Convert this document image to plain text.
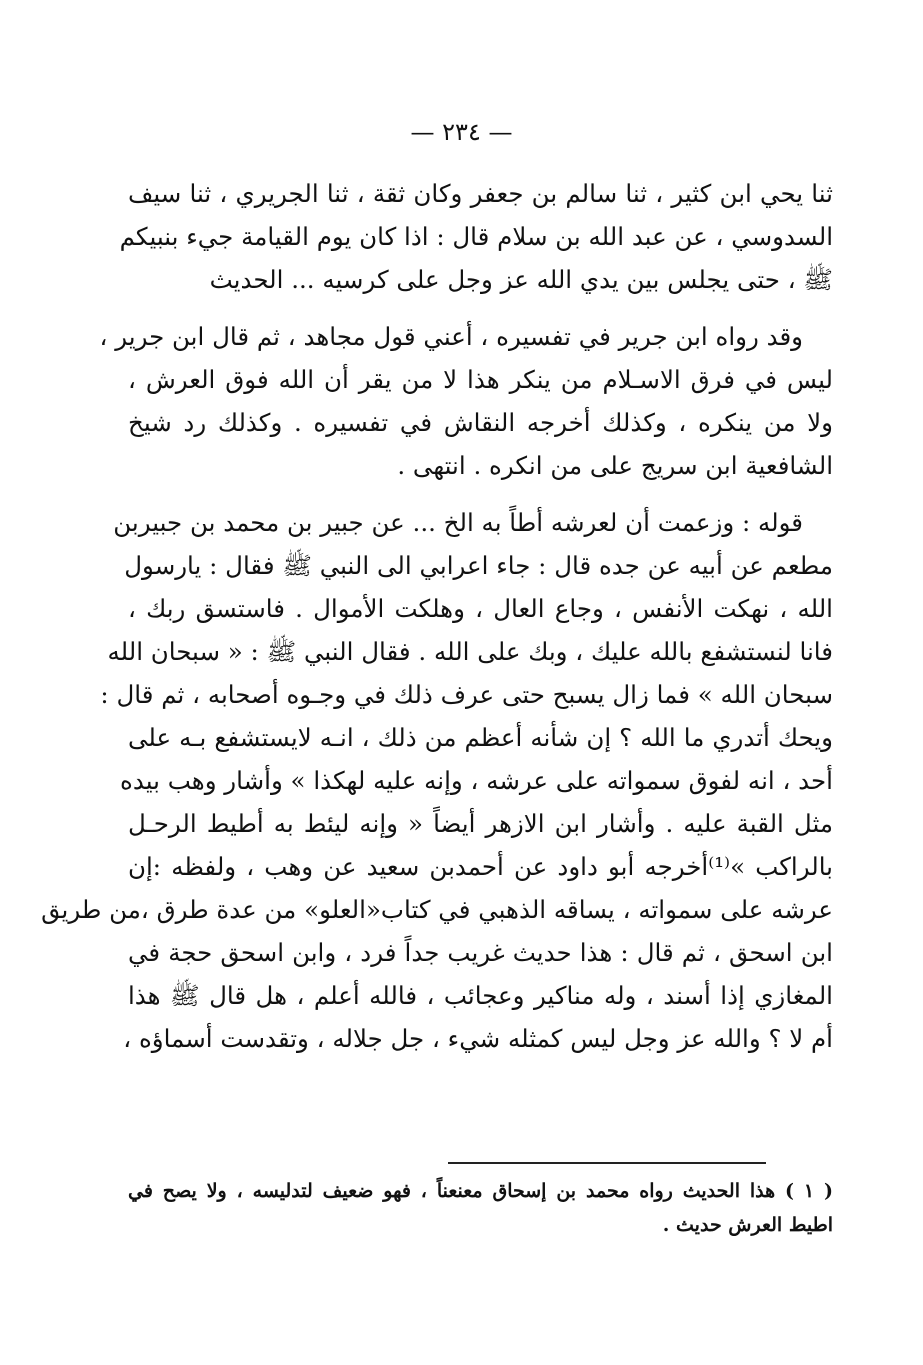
— ٢٣٤ —
ثنا يحي ابن كثير ، ثنا سالم بن جعفر وكان ثقة ، ثنا الجريري ، ثنا سيف
السدوسي ، عن عبد الله بن سلام قال : اذا كان يوم القيامة جيء بنبيكم
ﷺ ، حتى يجلس بين يدي الله عز وجل على كرسيه ... الحديث
وقد رواه ابن جرير في تفسيره ، أعني قول مجاهد ، ثم قال ابن جرير ،
ليس في فرق الاسـلام من ينكر هذا لا من يقر أن الله فوق العرش ،
ولا من ينكره ، وكذلك أخرجه النقاش في تفسيره . وكذلك رد شيخ
الشافعية ابن سريج على من انكره . انتهى .
قوله : وزعمت أن لعرشه أطاً به الخ ... عن جبير بن محمد بن جبيربن
مطعم عن أبيه عن جده قال : جاء اعرابي الى النبي ﷺ فقال : يارسول
الله ، نهكت الأنفس ، وجاع العال ، وهلكت الأموال . فاستسق ربك ،
فانا لنستشفع بالله عليك ، وبك على الله . فقال النبي ﷺ : « سبحان الله
سبحان الله » فما زال يسبح حتى عرف ذلك في وجـوه أصحابه ، ثم قال :
ويحك أتدري ما الله ؟ إن شأنه أعظم من ذلك ، انـه لايستشفع بـه على
أحد ، انه لفوق سمواته على عرشه ، وإنه عليه لهكذا » وأشار وهب بيده
مثل القبة عليه . وأشار ابن الازهر أيضاً « وإنه ليئط به أطيط الرحـل
بالراكب »⁽¹⁾أخرجه أبو داود عن أحمدبن سعيد عن وهب ، ولفظه :إن
عرشه على سمواته ، يساقه الذهبي في كتاب«العلو» من عدة طرق ،من طريق
ابن اسحق ، ثم قال : هذا حديث غريب جداً فرد ، وابن اسحق حجة في
المغازي إذا أسند ، وله مناكير وعجائب ، فالله أعلم ، هل قال ﷺ هذا
أم لا ؟ والله عز وجل ليس كمثله شيء ، جل جلاله ، وتقدست أسماؤه ،
( ١ ) هذا الحديث رواه محمد بن إسحاق معنعناً ، فهو ضعيف لتدليسه ، ولا يصح في
اطيط العرش حديث .
